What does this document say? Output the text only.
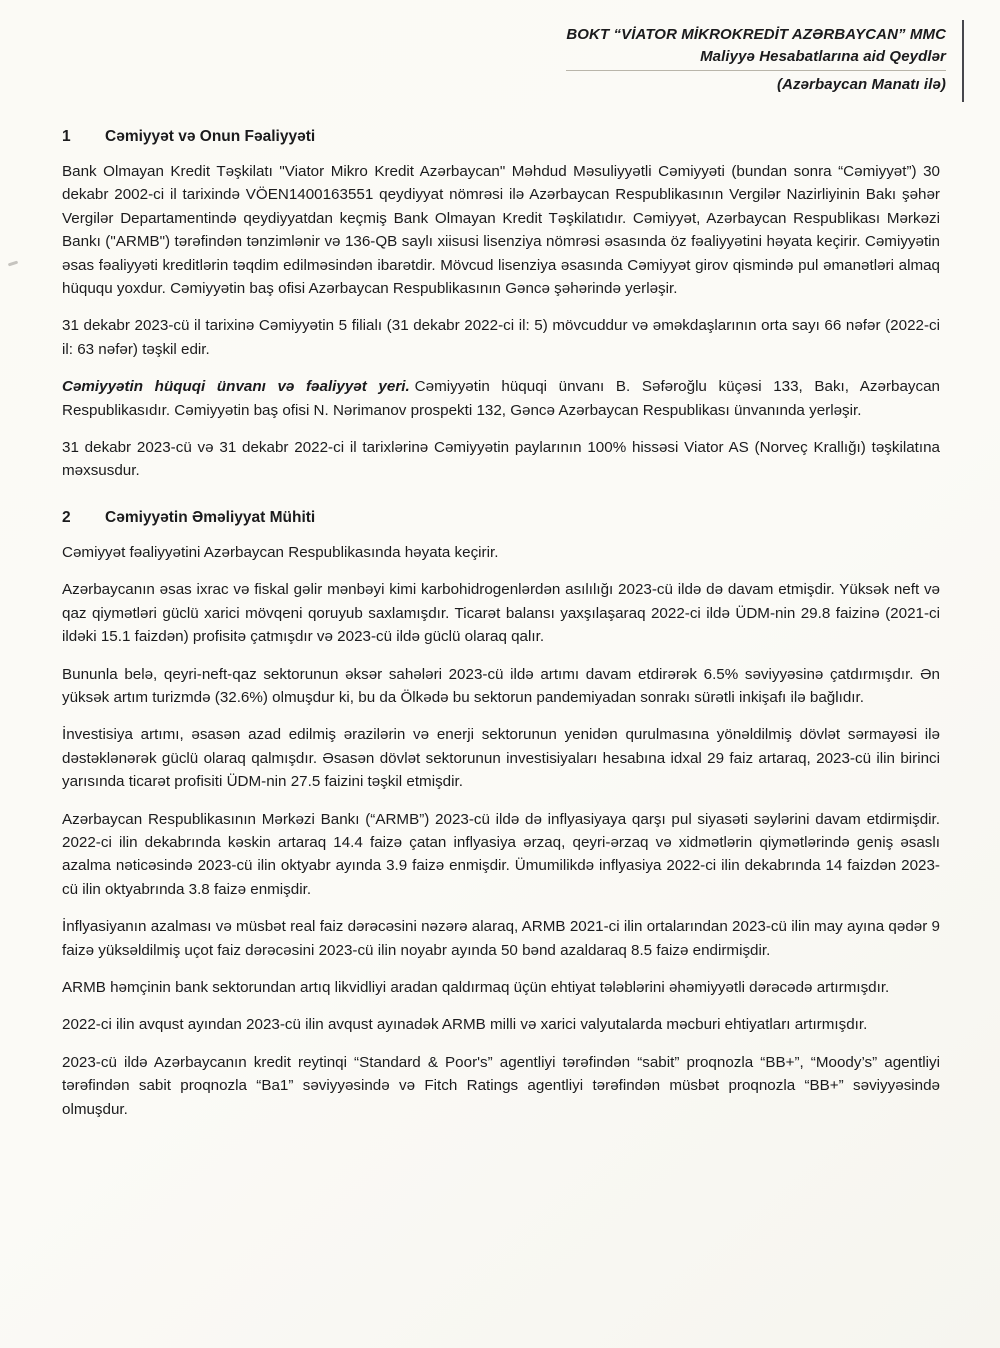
BOKT “VİATOR MİKROKREDİT AZƏRBAYCAN” MMC
Maliyyə Hesabatlarına aid Qeydlər
(Azərbaycan Manatı ilə)
1	Cəmiyyət və Onun Fəaliyyəti

Bank Olmayan Kredit Təşkilatı "Viator Mikro Kredit Azərbaycan" Məhdud Məsuliyyətli Cəmiyyəti (bundan sonra “Cəmiyyət”) 30 dekabr 2002-ci il tarixində VÖEN1400163551 qeydiyyat nömrəsi ilə Azərbaycan Respublikasının Vergilər Nazirliyinin Bakı şəhər Vergilər Departamentində qeydiyyatdan keçmiş Bank Olmayan Kredit Təşkilatıdır. Cəmiyyət, Azərbaycan Respublikası Mərkəzi Bankı ("ARMB") tərəfindən tənzimlənir və 136-QB saylı xiisusi lisenziya nömrəsi əsasında öz fəaliyyətini həyata keçirir. Cəmiyyətin əsas fəaliyyəti kreditlərin təqdim edilməsindən ibarətdir. Mövcud lisenziya əsasında Cəmiyyət girov qismində pul əmanətləri almaq hüququ yoxdur. Cəmiyyətin baş ofisi Azərbaycan Respublikasının Gəncə şəhərində yerləşir.

31 dekabr 2023-cü il tarixinə Cəmiyyətin 5 filialı (31 dekabr 2022-ci il: 5) mövcuddur və əməkdaşlarının orta sayı 66 nəfər (2022-ci il: 63 nəfər) təşkil edir.

Cəmiyyətin hüquqi ünvanı və fəaliyyət yeri. Cəmiyyətin hüquqi ünvanı B. Səfəroğlu küçəsi 133, Bakı, Azərbaycan Respublikasıdır. Cəmiyyətin baş ofisi N. Nərimanov prospekti 132, Gəncə Azərbaycan Respublikası ünvanında yerləşir.

31 dekabr 2023-cü və 31 dekabr 2022-ci il tarixlərinə Cəmiyyətin paylarının 100% hissəsi Viator AS (Norveç Krallığı) təşkilatına məxsusdur.

2	Cəmiyyətin Əməliyyat Mühiti

Cəmiyyət fəaliyyətini Azərbaycan Respublikasında həyata keçirir.

Azərbaycanın əsas ixrac və fiskal gəlir mənbəyi kimi karbohidrogenlərdən asılılığı 2023-cü ildə də davam etmişdir. Yüksək neft və qaz qiymətləri güclü xarici mövqeni qoruyub saxlamışdır. Ticarət balansı yaxşılaşaraq 2022-ci ildə ÜDM-nin 29.8 faizinə (2021-ci ildəki 15.1 faizdən) profisitə çatmışdır və 2023-cü ildə güclü olaraq qalır.

Bununla belə, qeyri-neft-qaz sektorunun əksər sahələri 2023-cü ildə artımı davam etdirərək 6.5% səviyyəsinə çatdırmışdır. Ən yüksək artım turizmdə (32.6%) olmuşdur ki, bu da Ölkədə bu sektorun pandemiyadan sonrakı sürətli inkişafı ilə bağlıdır.

İnvestisiya artımı, əsasən azad edilmiş ərazilərin və enerji sektorunun yenidən qurulmasına yönəldilmiş dövlət sərmayəsi ilə dəstəklənərək güclü olaraq qalmışdır. Əsasən dövlət sektorunun investisiyaları hesabına idxal 29 faiz artaraq, 2023-cü ilin birinci yarısında ticarət profisiti ÜDM-nin 27.5 faizini təşkil etmişdir.

Azərbaycan Respublikasının Mərkəzi Bankı (“ARMB”) 2023-cü ildə də inflyasiyaya qarşı pul siyasəti səylərini davam etdirmişdir. 2022-ci ilin dekabrında kəskin artaraq 14.4 faizə çatan inflyasiya ərzaq, qeyri-ərzaq və xidmətlərin qiymətlərində geniş əsaslı azalma nəticəsində 2023-cü ilin oktyabr ayında 3.9 faizə enmişdir. Ümumilikdə inflyasiya 2022-ci ilin dekabrında 14 faizdən 2023-cü ilin oktyabrında 3.8 faizə enmişdir.

İnflyasiyanın azalması və müsbət real faiz dərəcəsini nəzərə alaraq, ARMB 2021-ci ilin ortalarından 2023-cü ilin may ayına qədər 9 faizə yüksəldilmiş uçot faiz dərəcəsini 2023-cü ilin noyabr ayında 50 bənd azaldaraq 8.5 faizə endirmişdir.

ARMB həmçinin bank sektorundan artıq likvidliyi aradan qaldırmaq üçün ehtiyat tələblərini əhəmiyyətli dərəcədə artırmışdır.

2022-ci ilin avqust ayından 2023-cü ilin avqust ayınadək ARMB milli və xarici valyutalarda məcburi ehtiyatları artırmışdır.

2023-cü ildə Azərbaycanın kredit reytinqi “Standard & Poor's” agentliyi tərəfindən “sabit” proqnozla “BB+”, “Moody’s” agentliyi tərəfindən sabit proqnozla “Ba1” səviyyəsində və Fitch Ratings agentliyi tərəfindən müsbət proqnozla “BB+” səviyyəsində olmuşdur.
